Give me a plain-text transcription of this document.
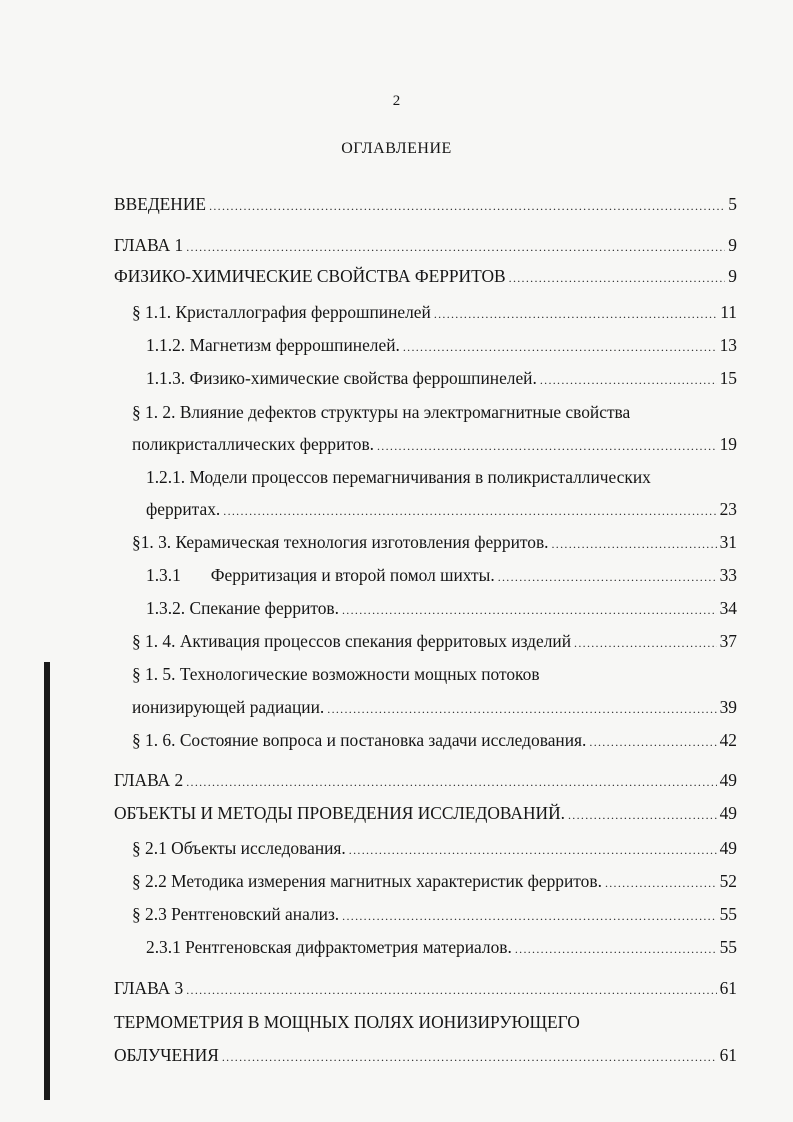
2
ОГЛАВЛЕНИЕ
ВВЕДЕНИЕ .....	5
ГЛАВА 1 .....	9
ФИЗИКО-ХИМИЧЕСКИЕ СВОЙСТВА ФЕРРИТОВ .....	9
§ 1.1. Кристаллография феррошпинелей .....	11
1.1.2. Магнетизм феррошпинелей. .....	13
1.1.3. Физико-химические свойства феррошпинелей. .....	15
§ 1. 2. Влияние дефектов структуры на электромагнитные свойства
поликристаллических ферритов. .....	19
1.2.1. Модели процессов перемагничивания в поликристаллических
ферритах. .....	23
§1. 3. Керамическая технология изготовления ферритов. .....	31
1.3.1 Ферритизация и второй помол шихты. .....	33
1.3.2. Спекание ферритов. .....	34
§ 1. 4. Активация процессов спекания ферритовых изделий .....	37
§ 1. 5. Технологические возможности мощных потоков
ионизирующей радиации. .....	39
§ 1. 6. Состояние вопроса и постановка задачи исследования. .....	42
ГЛАВА 2 .....	49
ОБЪЕКТЫ И МЕТОДЫ ПРОВЕДЕНИЯ ИССЛЕДОВАНИЙ. .....	49
§ 2.1 Объекты исследования. .....	49
§ 2.2 Методика измерения магнитных характеристик ферритов. .....	52
§ 2.3 Рентгеновский анализ. .....	55
2.3.1 Рентгеновская дифрактометрия материалов. .....	55
ГЛАВА 3 .....	61
ТЕРМОМЕТРИЯ В МОЩНЫХ ПОЛЯХ ИОНИЗИРУЮЩЕГО
ОБЛУЧЕНИЯ .....	61
